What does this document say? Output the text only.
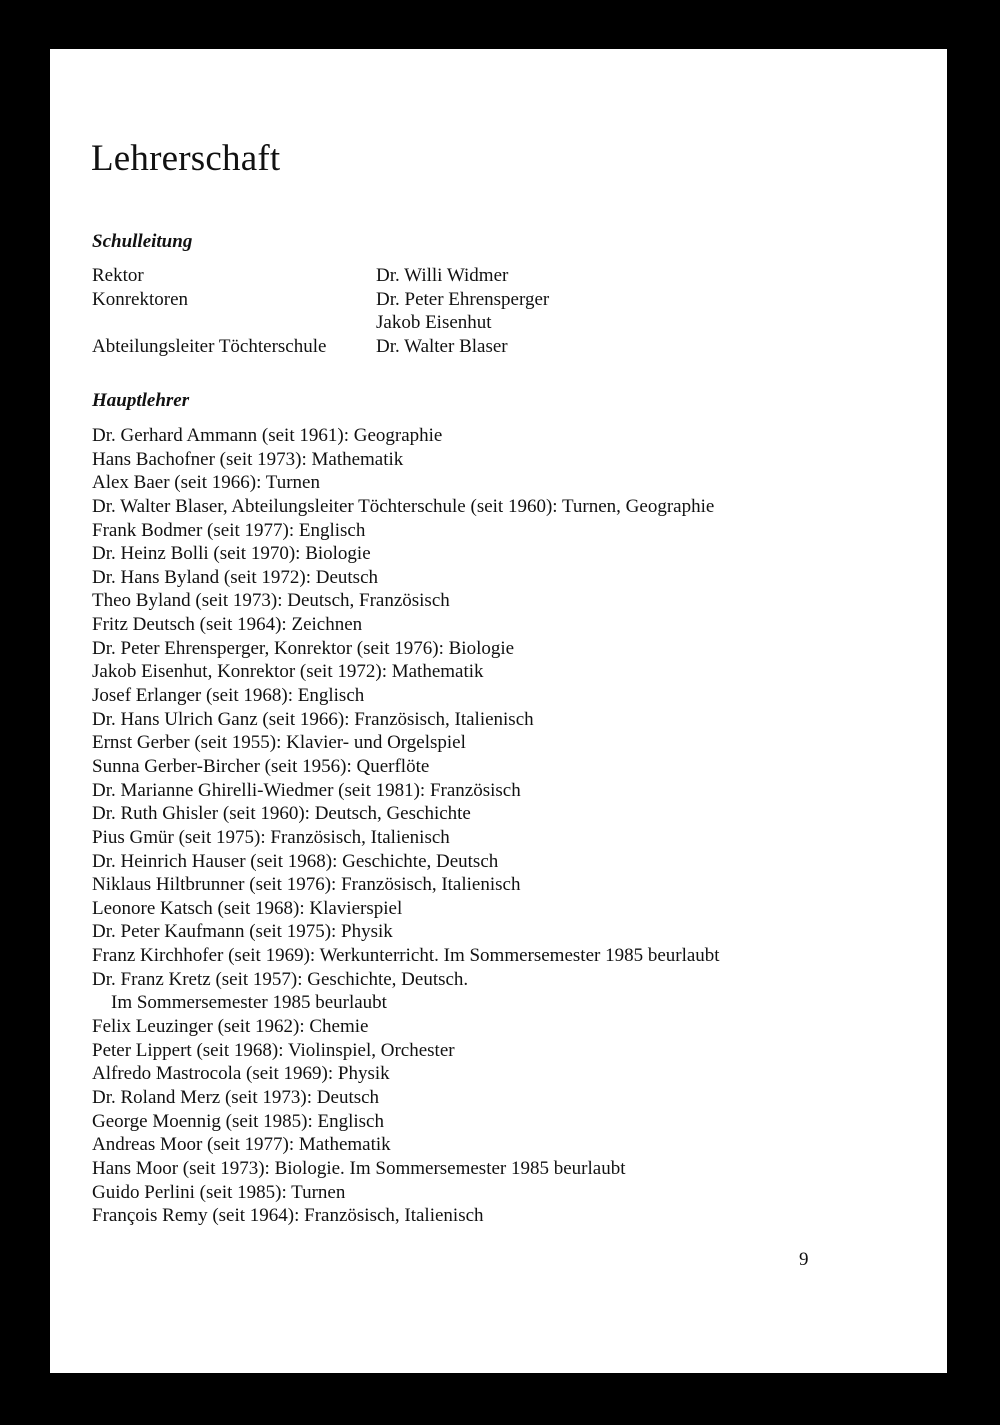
Lehrerschaft
Schulleitung
Rektor	Dr. Willi Widmer
Konrektoren	Dr. Peter Ehrensperger
Jakob Eisenhut
Abteilungsleiter Töchterschule	Dr. Walter Blaser
Hauptlehrer
Dr. Gerhard Ammann (seit 1961): Geographie
Hans Bachofner (seit 1973): Mathematik
Alex Baer (seit 1966): Turnen
Dr. Walter Blaser, Abteilungsleiter Töchterschule (seit 1960): Turnen, Geographie
Frank Bodmer (seit 1977): Englisch
Dr. Heinz Bolli (seit 1970): Biologie
Dr. Hans Byland (seit 1972): Deutsch
Theo Byland (seit 1973): Deutsch, Französisch
Fritz Deutsch (seit 1964): Zeichnen
Dr. Peter Ehrensperger, Konrektor (seit 1976): Biologie
Jakob Eisenhut, Konrektor (seit 1972): Mathematik
Josef Erlanger (seit 1968): Englisch
Dr. Hans Ulrich Ganz (seit 1966): Französisch, Italienisch
Ernst Gerber (seit 1955): Klavier- und Orgelspiel
Sunna Gerber-Bircher (seit 1956): Querflöte
Dr. Marianne Ghirelli-Wiedmer (seit 1981): Französisch
Dr. Ruth Ghisler (seit 1960): Deutsch, Geschichte
Pius Gmür (seit 1975): Französisch, Italienisch
Dr. Heinrich Hauser (seit 1968): Geschichte, Deutsch
Niklaus Hiltbrunner (seit 1976): Französisch, Italienisch
Leonore Katsch (seit 1968): Klavierspiel
Dr. Peter Kaufmann (seit 1975): Physik
Franz Kirchhofer (seit 1969): Werkunterricht. Im Sommersemester 1985 beurlaubt
Dr. Franz Kretz (seit 1957): Geschichte, Deutsch.
Im Sommersemester 1985 beurlaubt
Felix Leuzinger (seit 1962): Chemie
Peter Lippert (seit 1968): Violinspiel, Orchester
Alfredo Mastrocola (seit 1969): Physik
Dr. Roland Merz (seit 1973): Deutsch
George Moennig (seit 1985): Englisch
Andreas Moor (seit 1977): Mathematik
Hans Moor (seit 1973): Biologie. Im Sommersemester 1985 beurlaubt
Guido Perlini (seit 1985): Turnen
François Remy (seit 1964): Französisch, Italienisch
9
